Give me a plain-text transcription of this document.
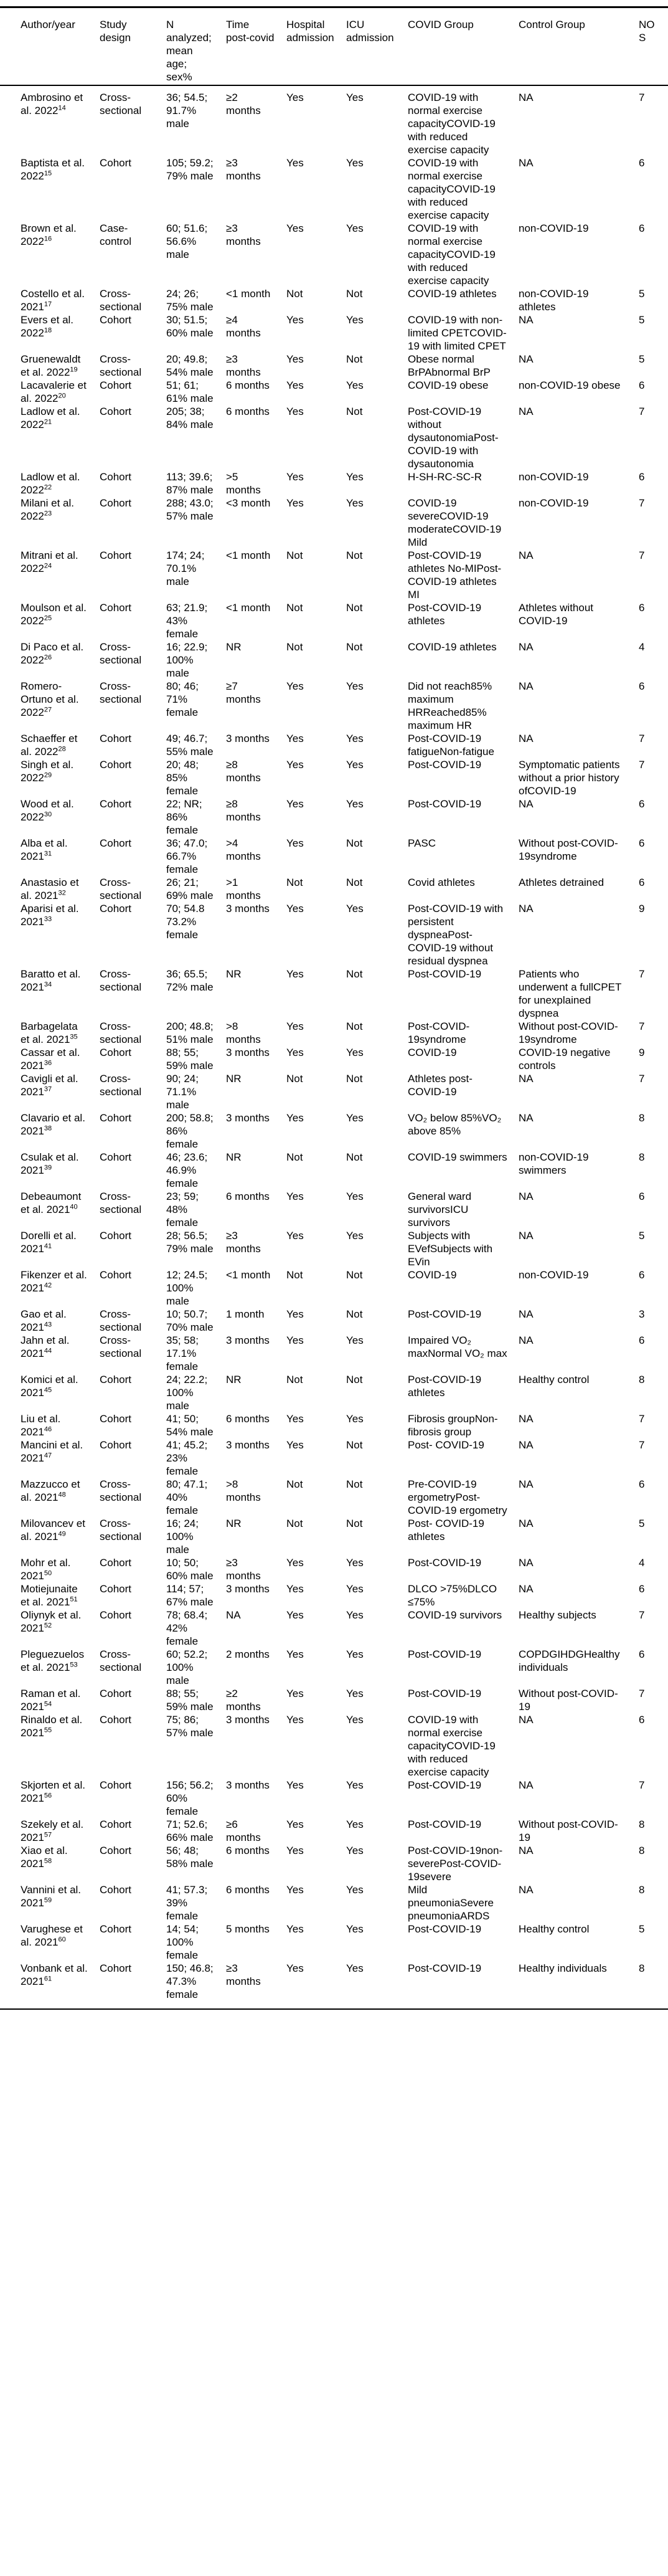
Author/year	Study design	N analyzed; mean age; sex%	Time post-covid	Hospital admission	ICU admission	COVID Group	Control Group	NOS
Ambrosino et al. 2022$^{14}$	Cross-sectional	36; 54.5; 91.7% male	≥2 months	Yes	Yes	COVID-19 with normal exercise capacityCOVID-19 with reduced exercise capacity	NA	7
Baptista et al. 2022$^{15}$	Cohort	105; 59.2; 79% male	≥3 months	Yes	Yes	COVID-19 with normal exercise capacityCOVID-19 with reduced exercise capacity	NA	6
Brown et al. 2022$^{16}$	Case-control	60; 51.6; 56.6% male	≥3 months	Yes	Yes	COVID-19 with normal exercise capacityCOVID-19 with reduced exercise capacity	non-COVID-19	6
Costello et al. 2021$^{17}$	Cross-sectional	24; 26; 75% male	<1 month	Not	Not	COVID-19 athletes	non-COVID-19 athletes	5
Evers et al. 2022$^{18}$	Cohort	30; 51.5; 60% male	≥4 months	Yes	Yes	COVID-19 with non-limited CPETCOVID-19 with limited CPET	NA	5
Gruenewaldt et al. 2022$^{19}$	Cross-sectional	20; 49.8; 54% male	≥3 months	Yes	Not	Obese normal BrPAbnormal BrP	NA	5
Lacavalerie et al. 2022$^{20}$	Cohort	51; 61; 61% male	6 months	Yes	Yes	COVID-19 obese	non-COVID-19 obese	6
Ladlow et al. 2022$^{21}$	Cohort	205; 38; 84% male	6 months	Yes	Not	Post-COVID-19 without dysautonomiaPost-COVID-19 with dysautonomia	NA	7
Ladlow et al. 2022$^{22}$	Cohort	113; 39.6; 87% male	>5 months	Yes	Yes	H-SH-RC-SC-R	non-COVID-19	6
Milani et al. 2022$^{23}$	Cohort	288; 43.0; 57% male	<3 month	Yes	Yes	COVID-19 severeCOVID-19 moderateCOVID-19 Mild	non-COVID-19	7
Mitrani et al. 2022$^{24}$	Cohort	174; 24; 70.1% male	<1 month	Not	Not	Post-COVID-19 athletes No-MIPost-COVID-19 athletes MI	NA	7
Moulson et al. 2022$^{25}$	Cohort	63; 21.9; 43% female	<1 month	Not	Not	Post-COVID-19 athletes	Athletes without COVID-19	6
Di Paco et al. 2022$^{26}$	Cross-sectional	16; 22.9; 100% male	NR	Not	Not	COVID-19 athletes	NA	4
Romero-Ortuno et al. 2022$^{27}$	Cross-sectional	80; 46; 71% female	≥7 months	Yes	Yes	Did not reach85% maximum HRReached85% maximum HR	NA	6
Schaeffer et al. 2022$^{28}$	Cohort	49; 46.7; 55% male	3 months	Yes	Yes	Post-COVID-19 fatigueNon-fatigue	NA	7
Singh et al. 2022$^{29}$	Cohort	20; 48; 85% female	≥8 months	Yes	Yes	Post-COVID-19	Symptomatic patients without a prior history ofCOVID-19	7
Wood et al. 2022$^{30}$	Cohort	22; NR; 86% female	≥8 months	Yes	Yes	Post-COVID-19	NA	6
Alba et al. 2021$^{31}$	Cohort	36; 47.0; 66.7% female	>4 months	Yes	Not	PASC	Without post-COVID-19syndrome	6
Anastasio et al. 2021$^{32}$	Cross-sectional	26; 21; 69% male	>1 months	Not	Not	Covid athletes	Athletes detrained	6
Aparisi et al. 2021$^{33}$	Cohort	70; 54.8 73.2% female	3 months	Yes	Yes	Post-COVID-19 with persistent dyspneaPost-COVID-19 without residual dyspnea	NA	9
Baratto et al. 2021$^{34}$	Cross-sectional	36; 65.5; 72% male	NR	Yes	Not	Post-COVID-19	Patients who underwent a fullCPET for unexplained dyspnea	7
Barbagelata et al. 2021$^{35}$	Cross-sectional	200; 48.8; 51% male	>8 months	Yes	Not	Post-COVID-19syndrome	Without post-COVID-19syndrome	7
Cassar et al. 2021$^{36}$	Cohort	88; 55; 59% male	3 months	Yes	Yes	COVID-19	COVID-19 negative controls	9
Cavigli et al. 2021$^{37}$	Cross-sectional	90; 24; 71.1% male	NR	Not	Not	Athletes post-COVID-19	NA	7
Clavario et al. 2021$^{38}$	Cohort	200; 58.8; 86% female	3 months	Yes	Yes	VO₂ below 85%VO₂ above 85%	NA	8
Csulak et al. 2021$^{39}$	Cohort	46; 23.6; 46.9% female	NR	Not	Not	COVID-19 swimmers	non-COVID-19 swimmers	8
Debeaumont et al. 2021$^{40}$	Cross-sectional	23; 59; 48% female	6 months	Yes	Yes	General ward survivorsICU survivors	NA	6
Dorelli et al. 2021$^{41}$	Cohort	28; 56.5; 79% male	≥3 months	Yes	Yes	Subjects with EVefSubjects with EVin	NA	5
Fikenzer et al. 2021$^{42}$	Cohort	12; 24.5; 100% male	<1 month	Not	Not	COVID-19	non-COVID-19	6
Gao et al. 2021$^{43}$	Cross-sectional	10; 50.7; 70% male	1 month	Yes	Not	Post-COVID-19	NA	3
Jahn et al. 2021$^{44}$	Cross-sectional	35; 58; 17.1% female	3 months	Yes	Yes	Impaired VO₂ maxNormal VO₂ max	NA	6
Komici et al. 2021$^{45}$	Cohort	24; 22.2; 100% male	NR	Not	Not	Post-COVID-19 athletes	Healthy control	8
Liu et al. 2021$^{46}$	Cohort	41; 50; 54% male	6 months	Yes	Yes	Fibrosis groupNon-fibrosis group	NA	7
Mancini et al. 2021$^{47}$	Cohort	41; 45.2; 23% female	3 months	Yes	Not	Post- COVID-19	NA	7
Mazzucco et al. 2021$^{48}$	Cross-sectional	80; 47.1; 40% female	>8 months	Not	Not	Pre-COVID-19 ergometryPost-COVID-19 ergometry	NA	6
Milovancev et al. 2021$^{49}$	Cross-sectional	16; 24; 100% male	NR	Not	Not	Post- COVID-19 athletes	NA	5
Mohr et al. 2021$^{50}$	Cohort	10; 50; 60% male	≥3 months	Yes	Yes	Post-COVID-19	NA	4
Motiejunaite et al. 2021$^{51}$	Cohort	114; 57; 67% male	3 months	Yes	Yes	DLCO >75%DLCO ≤75%	NA	6
Oliynyk et al. 2021$^{52}$	Cohort	78; 68.4; 42% female	NA	Yes	Yes	COVID-19 survivors	Healthy subjects	7
Pleguezuelos et al. 2021$^{53}$	Cross-sectional	60; 52.2; 100% male	2 months	Yes	Yes	Post-COVID-19	COPDGIHDGHealthy individuals	6
Raman et al. 2021$^{54}$	Cohort	88; 55; 59% male	≥2 months	Yes	Yes	Post-COVID-19	Without post-COVID-19	7
Rinaldo et al. 2021$^{55}$	Cohort	75; 86; 57% male	3 months	Yes	Yes	COVID-19 with normal exercise capacityCOVID-19 with reduced exercise capacity	NA	6
Skjorten et al. 2021$^{56}$	Cohort	156; 56.2; 60% female	3 months	Yes	Yes	Post-COVID-19	NA	7
Szekely et al. 2021$^{57}$	Cohort	71; 52.6; 66% male	≥6 months	Yes	Yes	Post-COVID-19	Without post-COVID-19	8
Xiao et al. 2021$^{58}$	Cohort	56; 48; 58% male	6 months	Yes	Yes	Post-COVID-19non-severePost-COVID-19severe	NA	8
Vannini et al. 2021$^{59}$	Cohort	41; 57.3; 39% female	6 months	Yes	Yes	Mild pneumoniaSevere pneumoniaARDS	NA	8
Varughese et al. 2021$^{60}$	Cohort	14; 54; 100% female	5 months	Yes	Yes	Post-COVID-19	Healthy control	5
Vonbank et al. 2021$^{61}$	Cohort	150; 46.8; 47.3% female	≥3 months	Yes	Yes	Post-COVID-19	Healthy individuals	8
